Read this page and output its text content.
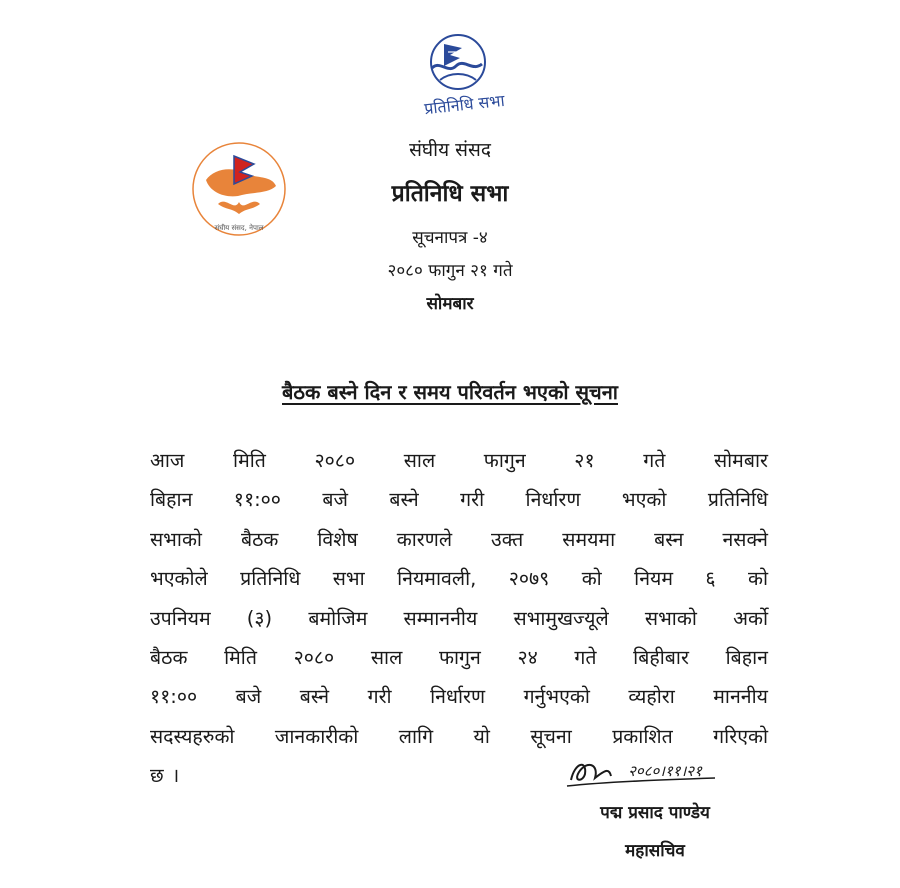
प्रतिनिधि सभा
संघीय संसद, नेपाल
संघीय संसद
प्रतिनिधि सभा
सूचनापत्र -४
२०८० फागुन २१ गते
सोमबार
बैठक बस्ने दिन र समय परिवर्तन भएको सूचना
आज मिति २०८० साल फागुन २१ गते सोमबार
बिहान ११:०० बजे बस्ने गरी निर्धारण भएको प्रतिनिधि
सभाको बैठक विशेष कारणले उक्त समयमा बस्न नसक्ने
भएकोले प्रतिनिधि सभा नियमावली, २०७९ को नियम ६ को
उपनियम (३) बमोजिम सम्माननीय सभामुखज्यूले सभाको अर्को
बैठक मिति २०८० साल फागुन २४ गते बिहीबार बिहान
११:०० बजे बस्ने गरी निर्धारण गर्नुभएको व्यहोरा माननीय
सदस्यहरुको जानकारीको लागि यो सूचना प्रकाशित गरिएको
छ ।	२०८०।११।२१
पद्म प्रसाद पाण्डेय
महासचिव
